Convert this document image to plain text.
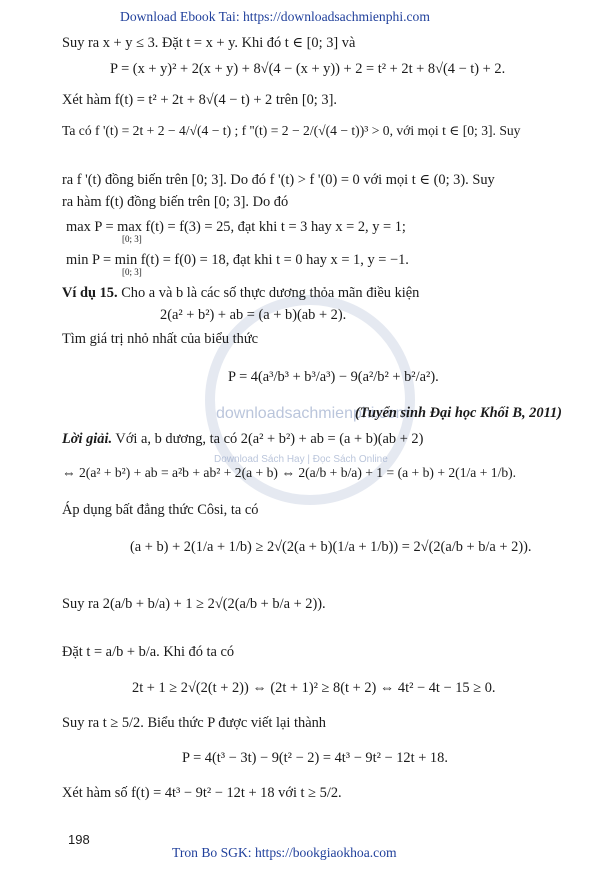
downloadsachmienphi.com
Download Sách Hay | Đọc Sách Online
Download Ebook Tai: https://downloadsachmienphi.com
Suy ra x + y ≤ 3. Đặt t = x + y. Khi đó t ∈ [0; 3] và
P = (x + y)² + 2(x + y) + 8√(4 − (x + y)) + 2 = t² + 2t + 8√(4 − t) + 2.
Xét hàm f(t) = t² + 2t + 8√(4 − t) + 2 trên [0; 3].
Ta có f '(t) = 2t + 2 − 4/√(4 − t) ; f ''(t) = 2 − 2/(√(4 − t))³ > 0, với mọi t ∈ [0; 3]. Suy
ra f '(t) đồng biến trên [0; 3]. Do đó f '(t) > f '(0) = 0 với mọi t ∈ (0; 3). Suy
ra hàm f(t) đồng biến trên [0; 3]. Do đó
max P = max f(t) = f(3) = 25, đạt khi t = 3 hay x = 2, y = 1;
[0; 3]
min P = min f(t) = f(0) = 18, đạt khi t = 0 hay x = 1, y = −1.
[0; 3]
Ví dụ 15. Cho a và b là các số thực dương thỏa mãn điều kiện
2(a² + b²) + ab = (a + b)(ab + 2).
Tìm giá trị nhỏ nhất của biểu thức
P = 4(a³/b³ + b³/a³) − 9(a²/b² + b²/a²).
(Tuyển sinh Đại học Khối B, 2011)
Lời giải. Với a, b dương, ta có 2(a² + b²) + ab = (a + b)(ab + 2)
⇔ 2(a² + b²) + ab = a²b + ab² + 2(a + b) ⇔ 2(a/b + b/a) + 1 = (a + b) + 2(1/a + 1/b).
Áp dụng bất đẳng thức Côsi, ta có
(a + b) + 2(1/a + 1/b) ≥ 2√(2(a + b)(1/a + 1/b)) = 2√(2(a/b + b/a + 2)).
Suy ra 2(a/b + b/a) + 1 ≥ 2√(2(a/b + b/a + 2)).
Đặt t = a/b + b/a. Khi đó ta có
2t + 1 ≥ 2√(2(t + 2)) ⇔ (2t + 1)² ≥ 8(t + 2) ⇔ 4t² − 4t − 15 ≥ 0.
Suy ra t ≥ 5/2. Biểu thức P được viết lại thành
P = 4(t³ − 3t) − 9(t² − 2) = 4t³ − 9t² − 12t + 18.
Xét hàm số f(t) = 4t³ − 9t² − 12t + 18 với t ≥ 5/2.
198
Tron Bo SGK: https://bookgiaokhoa.com
